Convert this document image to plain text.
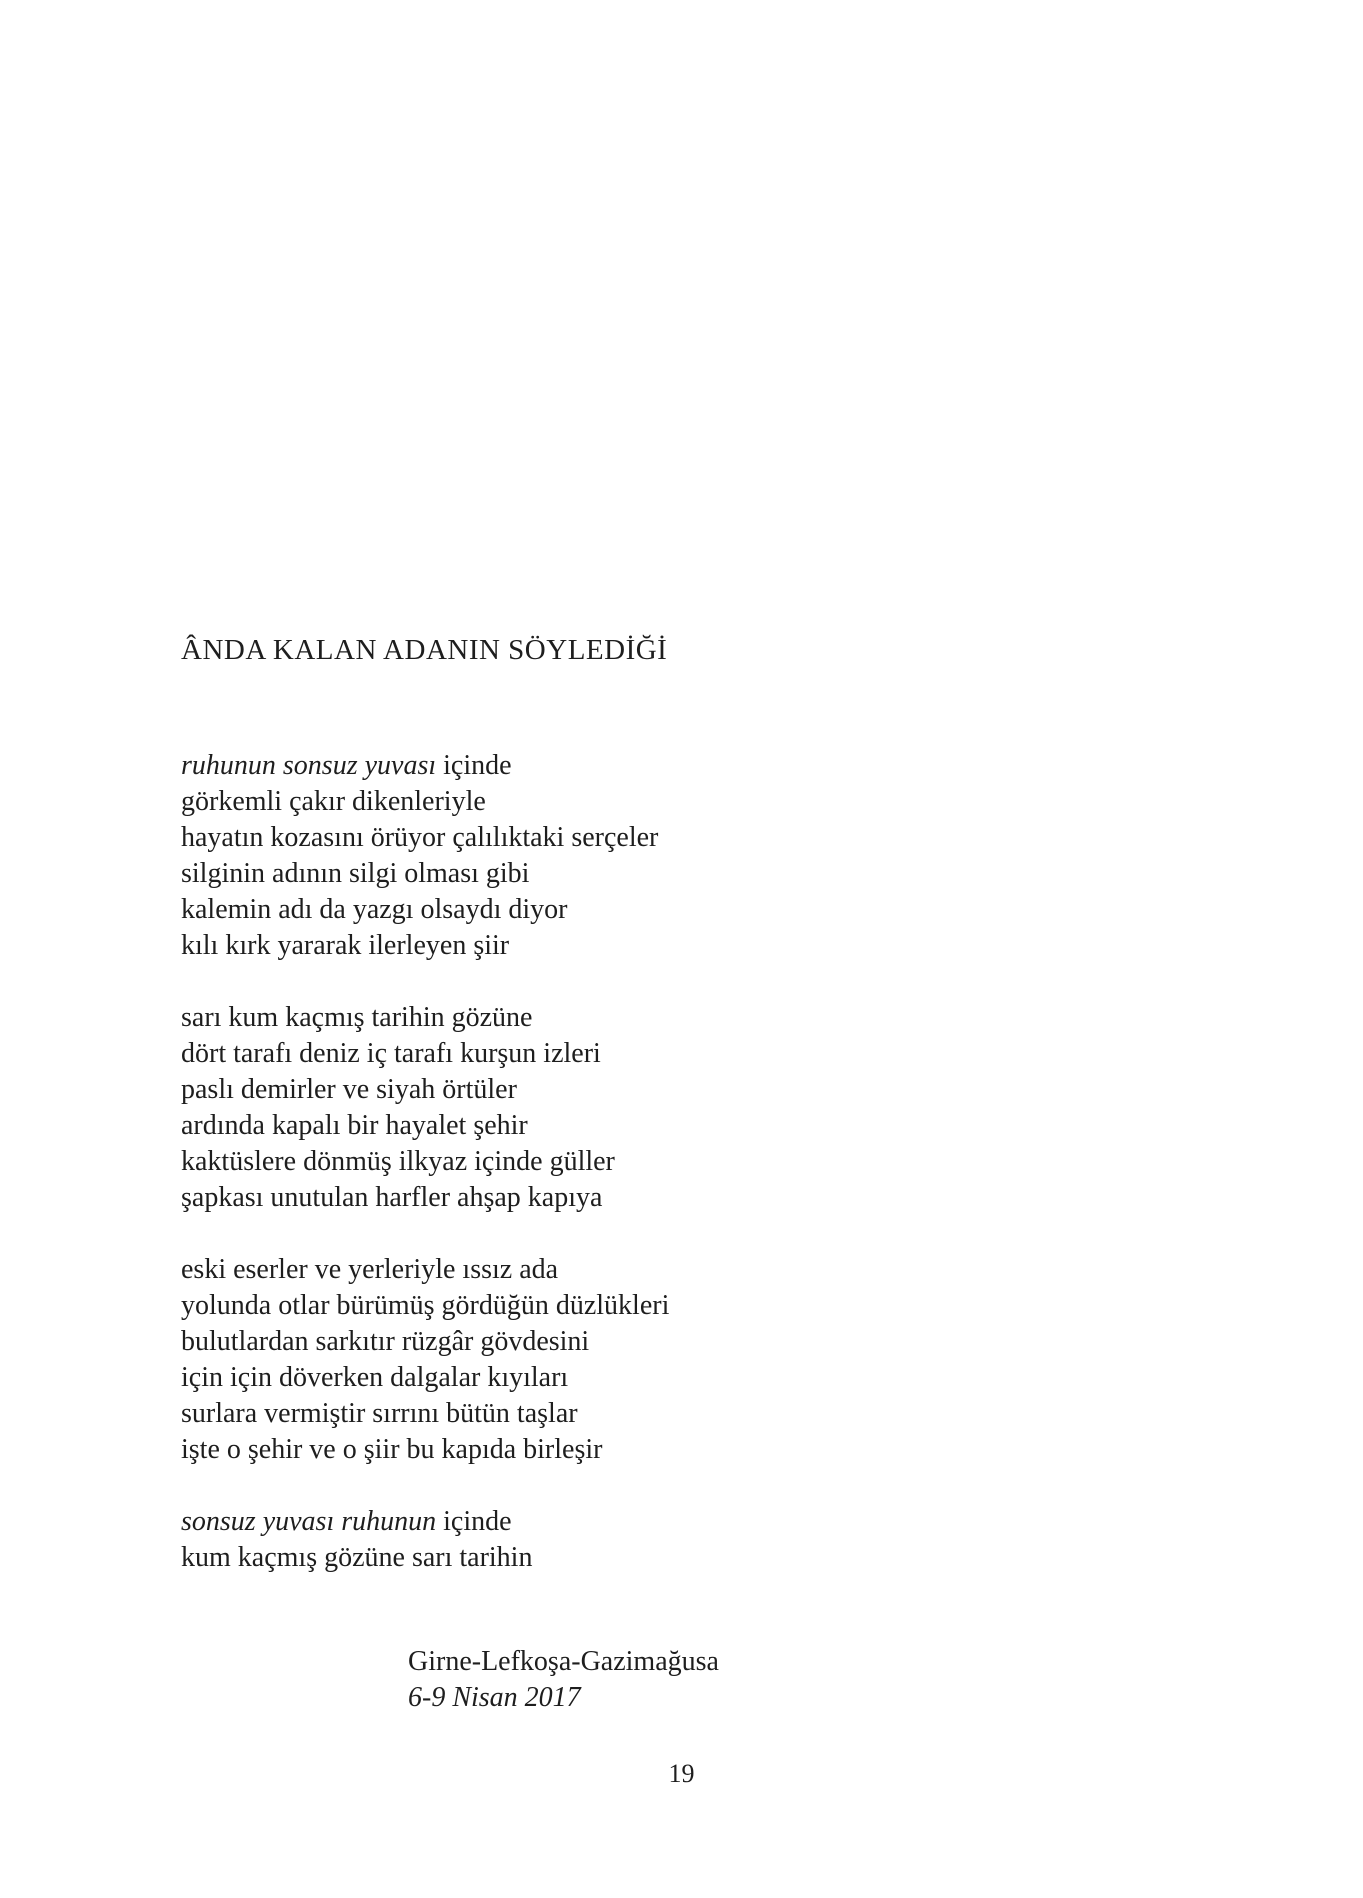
ÂNDA KALAN ADANIN SÖYLEDİĞİ
ruhunun sonsuz yuvası içinde
görkemli çakır dikenleriyle
hayatın kozasını örüyor çalılıktaki serçeler
silginin adının silgi olması gibi
kalemin adı da yazgı olsaydı diyor
kılı kırk yararak ilerleyen şiir
sarı kum kaçmış tarihin gözüne
dört tarafı deniz iç tarafı kurşun izleri
paslı demirler ve siyah örtüler
ardında kapalı bir hayalet şehir
kaktüslere dönmüş ilkyaz içinde güller
şapkası unutulan harfler ahşap kapıya
eski eserler ve yerleriyle ıssız ada
yolunda otlar bürümüş gördüğün düzlükleri
bulutlardan sarkıtır rüzgâr gövdesini
için için döverken dalgalar kıyıları
surlara vermiştir sırrını bütün taşlar
işte o şehir ve o şiir bu kapıda birleşir
sonsuz yuvası ruhunun içinde
kum kaçmış gözüne sarı tarihin
Girne-Lefkoşa-Gazimağusa
6-9 Nisan 2017
19
